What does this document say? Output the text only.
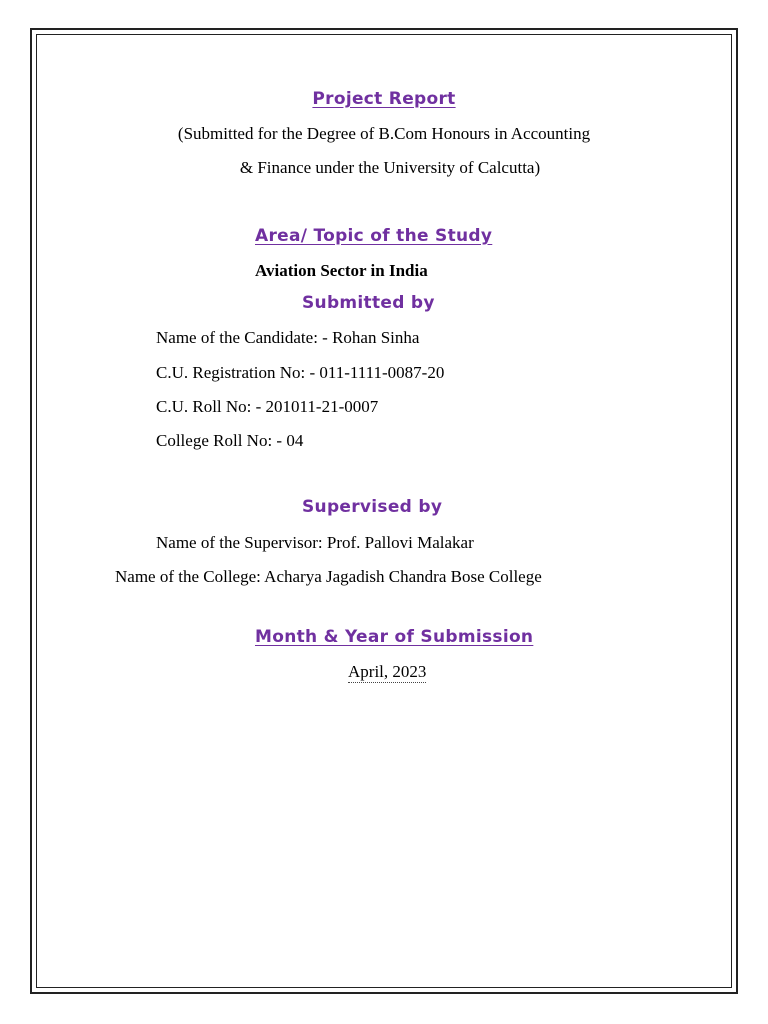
Project Report
(Submitted for the Degree of B.Com Honours in Accounting
& Finance under the University of Calcutta)
Area/ Topic of the Study
Aviation Sector in India
Submitted by
Name of the Candidate: - Rohan Sinha
C.U. Registration No: - 011-1111-0087-20
C.U. Roll No: - 201011-21-0007
College Roll No: - 04
Supervised by
Name of the Supervisor: Prof. Pallovi Malakar
Name of the College: Acharya Jagadish Chandra Bose College
Month & Year of Submission
April, 2023
